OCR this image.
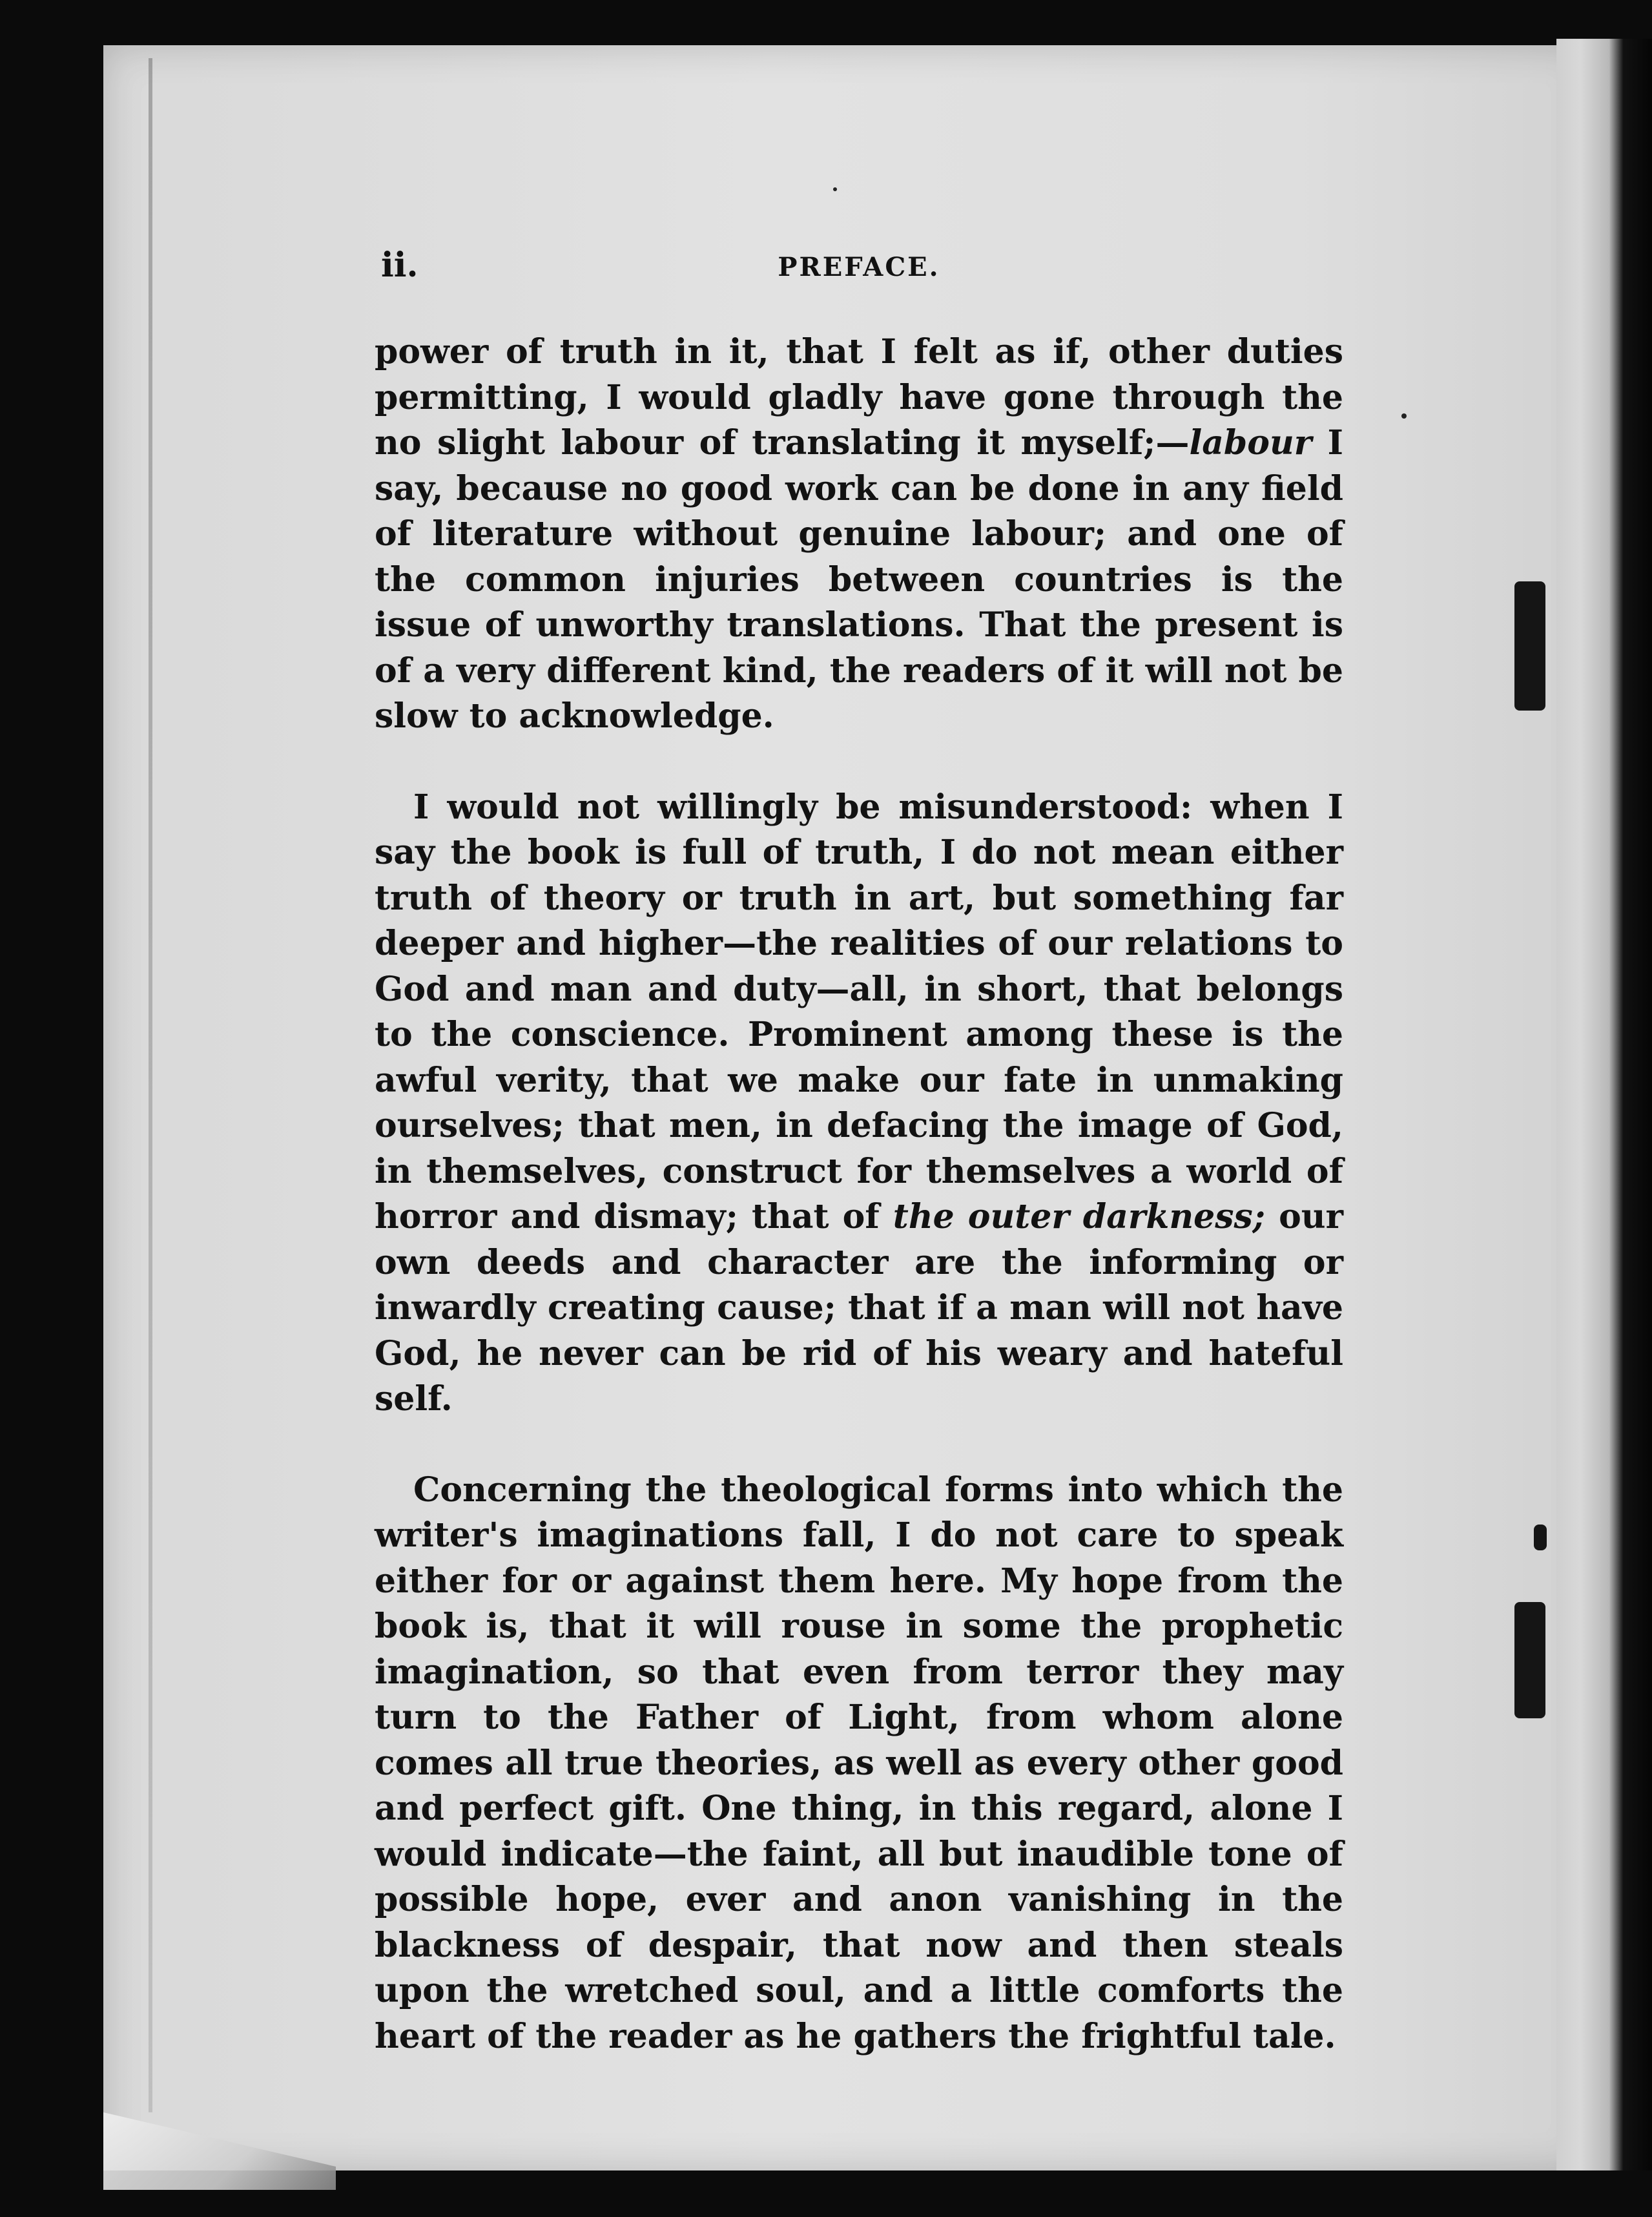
ii.	PREFACE.

power of truth in it, that I felt as if, other duties permitting, I would gladly have gone through the no slight labour of translating it myself;—labour I say, because no good work can be done in any field of literature without genuine labour; and one of the common injuries between countries is the issue of unworthy translations. That the present is of a very different kind, the readers of it will not be slow to acknowledge.

I would not willingly be misunderstood: when I say the book is full of truth, I do not mean either truth of theory or truth in art, but something far deeper and higher—the realities of our relations to God and man and duty—all, in short, that belongs to the conscience. Prominent among these is the awful verity, that we make our fate in unmaking ourselves; that men, in defacing the image of God, in themselves, construct for themselves a world of horror and dismay; that of the outer darkness; our own deeds and character are the informing or inwardly creating cause; that if a man will not have God, he never can be rid of his weary and hateful self.

Concerning the theological forms into which the writer's imaginations fall, I do not care to speak either for or against them here. My hope from the book is, that it will rouse in some the prophetic imagination, so that even from terror they may turn to the Father of Light, from whom alone comes all true theories, as well as every other good and perfect gift. One thing, in this regard, alone I would indicate—the faint, all but inaudible tone of possible hope, ever and anon vanishing in the blackness of despair, that now and then steals upon the wretched soul, and a little comforts the heart of the reader as he gathers the frightful tale.
